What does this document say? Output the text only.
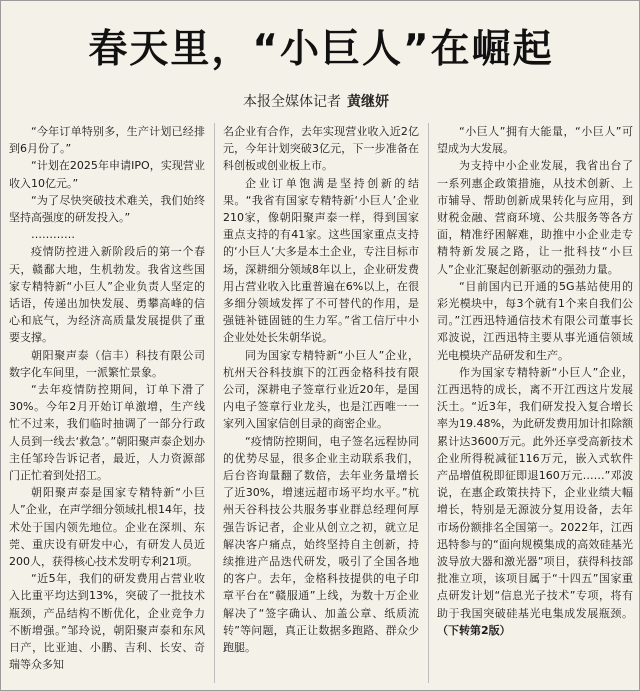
春天里，“小巨人”在崛起
本报全媒体记者 黄继妍

“今年订单特别多，生产计划已经排到6月份了。”

“计划在2025年申请IPO，实现营业收入10亿元。”

“为了尽快突破技术难关，我们始终坚持高强度的研发投入。”

…………

疫情防控进入新阶段后的第一个春天，赣鄱大地，生机勃发。我省这些国家专精特新“小巨人”企业负责人坚定的话语，传递出加快发展、勇攀高峰的信心和底气，为经济高质量发展提供了重要支撑。

朝阳聚声泰（信丰）科技有限公司数字化车间里，一派繁忙景象。

“去年疫情防控期间，订单下滑了30%。今年2月开始订单激增，生产线忙不过来，我们临时抽调了一部分行政人员到一线去‘救急’。”朝阳聚声泰企划办主任邹玲告诉记者，最近，人力资源部门正忙着到处招工。

朝阳聚声泰是国家专精特新“小巨人”企业，在声学细分领域扎根14年，技术处于国内领先地位。企业在深圳、东莞、重庆设有研发中心，有研发人员近200人，获得核心技术发明专利21项。

“近5年，我们的研发费用占营业收入比重平均达到13%，突破了一批技术瓶颈，产品结构不断优化，企业竞争力不断增强。”邹玲说，朝阳聚声泰和东风日产，比亚迪、小鹏、吉利、长安、奇瑞等众多知

名企业有合作，去年实现营业收入近2亿元，今年计划突破3亿元，下一步准备在科创板或创业板上市。

企业订单饱满是坚持创新的结果。“我省有国家专精特新‘小巨人’企业210家，像朝阳聚声泰一样，得到国家重点支持的有41家。这些国家重点支持的‘小巨人’大多是本土企业，专注目标市场，深耕细分领域8年以上，企业研发费用占营业收入比重普遍在6%以上，在很多细分领域发挥了不可替代的作用，是强链补链固链的生力军。”省工信厅中小企业处处长朱朝华说。

同为国家专精特新“小巨人”企业，杭州天谷科技旗下的江西金格科技有限公司，深耕电子签章行业近20年，是国内电子签章行业龙头，也是江西唯一一家列入国家信创目录的商密企业。

“疫情防控期间，电子签名远程协同的优势尽显，很多企业主动联系我们，后台咨询量翻了数倍，去年业务量增长了近30%，增速远超市场平均水平。”杭州天谷科技公共服务事业群总经理何厚强告诉记者，企业从创立之初，就立足解决客户痛点，始终坚持自主创新，持续推进产品迭代研发，吸引了全国各地的客户。去年，金格科技提供的电子印章平台在“赣服通”上线，为数十万企业解决了“签字确认、加盖公章、纸质流转”等问题，真正让数据多跑路、群众少跑腿。

“小巨人”拥有大能量，“小巨人”可望成为大发展。

为支持中小企业发展，我省出台了一系列惠企政策措施，从技术创新、上市辅导、帮助创新成果转化与应用，到财税金融、营商环境、公共服务等各方面，精准纾困解难，助推中小企业走专精特新发展之路，让一批科技“小巨人”企业汇聚起创新驱动的强劲力量。

“目前国内已开通的5G基站使用的彩光模块中，每3个就有1个来自我们公司。”江西迅特通信技术有限公司董事长邓波说，江西迅特主要从事光通信领域光电模块产品研发和生产。

作为国家专精特新“小巨人”企业，江西迅特的成长，离不开江西这片发展沃土。“近3年，我们研发投入复合增长率为19.48%，为此研发费用加计扣除额累计达3600万元。此外还享受高新技术企业所得税减征116万元，嵌入式软件产品增值税即征即退160万元……”邓波说，在惠企政策扶持下，企业业绩大幅增长，特别是无源波分复用设备，去年市场份额排名全国第一。2022年，江西迅特参与的“面向规模集成的高效硅基光波导放大器和激光器”项目，获得科技部批准立项，该项目属于“十四五”国家重点研发计划“信息光子技术”专项，将有助于我国突破硅基光电集成发展瓶颈。 （下转第2版）
